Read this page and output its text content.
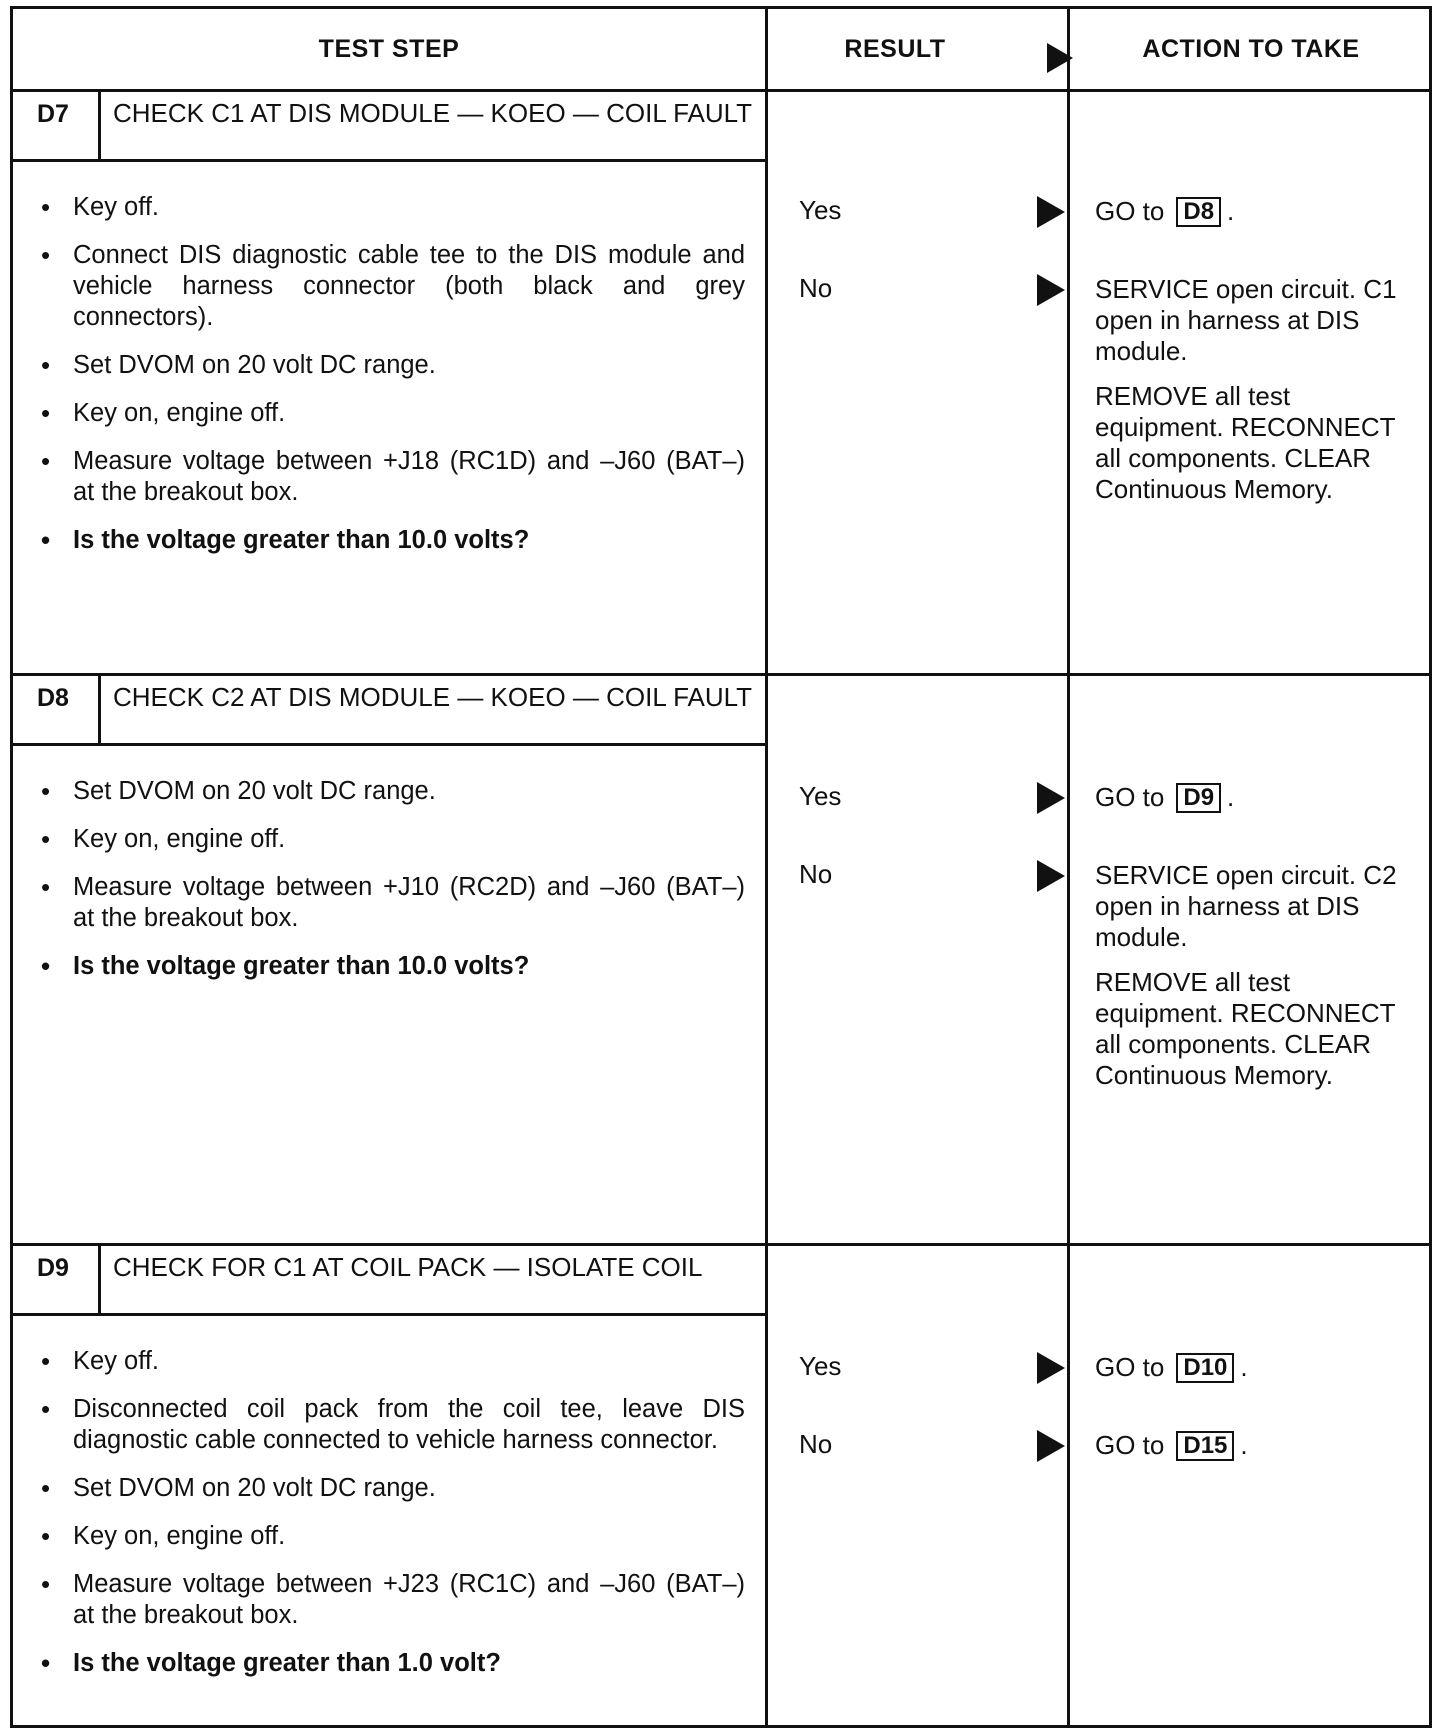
TEST STEP	RESULT	ACTION TO TAKE
D7	CHECK C1 AT DIS MODULE — KOEO — COIL FAULT
• Key off.
• Connect DIS diagnostic cable tee to the DIS module and vehicle harness connector (both black and grey connectors).
• Set DVOM on 20 volt DC range.
• Key on, engine off.
• Measure voltage between +J18 (RC1D) and –J60 (BAT–) at the breakout box.
• Is the voltage greater than 10.0 volts?
Yes	GO to D8 .
No	SERVICE open circuit. C1 open in harness at DIS module.

REMOVE all test equipment. RECONNECT all components. CLEAR Continuous Memory.

D8	CHECK C2 AT DIS MODULE — KOEO — COIL FAULT
• Set DVOM on 20 volt DC range.
• Key on, engine off.
• Measure voltage between +J10 (RC2D) and –J60 (BAT–) at the breakout box.
• Is the voltage greater than 10.0 volts?
Yes	GO to D9 .
No	SERVICE open circuit. C2 open in harness at DIS module.

REMOVE all test equipment. RECONNECT all components. CLEAR Continuous Memory.

D9	CHECK FOR C1 AT COIL PACK — ISOLATE COIL
• Key off.
• Disconnected coil pack from the coil tee, leave DIS diagnostic cable connected to vehicle harness connector.
• Set DVOM on 20 volt DC range.
• Key on, engine off.
• Measure voltage between +J23 (RC1C) and –J60 (BAT–) at the breakout box.
• Is the voltage greater than 1.0 volt?
Yes	GO to D10 .
No	GO to D15 .
